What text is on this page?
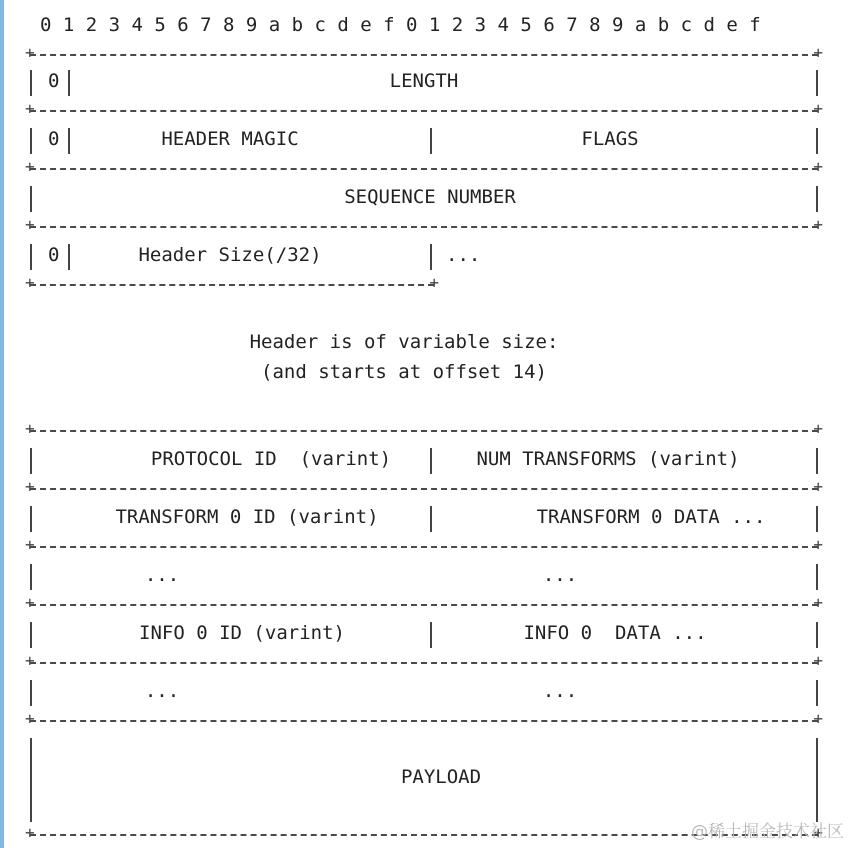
0 1 2 3 4 5 6 7 8 9 a b c d e f 0 1 2 3 4 5 6 7 8 9 a b c d e f
+ +
0	LENGTH
+ +
0	HEADER MAGIC	FLAGS
+ +
SEQUENCE NUMBER
+ +
0	Header Size(/32)	...
+ +
Header is of variable size:
(and starts at offset 14)
+ +
PROTOCOL ID  (varint)	NUM TRANSFORMS (varint)
+ +
TRANSFORM 0 ID (varint)	TRANSFORM 0 DATA ...
+ +
...	...
+ +
INFO 0 ID (varint)	INFO 0  DATA ...
+ +
...	...
+ +
PAYLOAD
+ +
@稀土掘金技术社区
